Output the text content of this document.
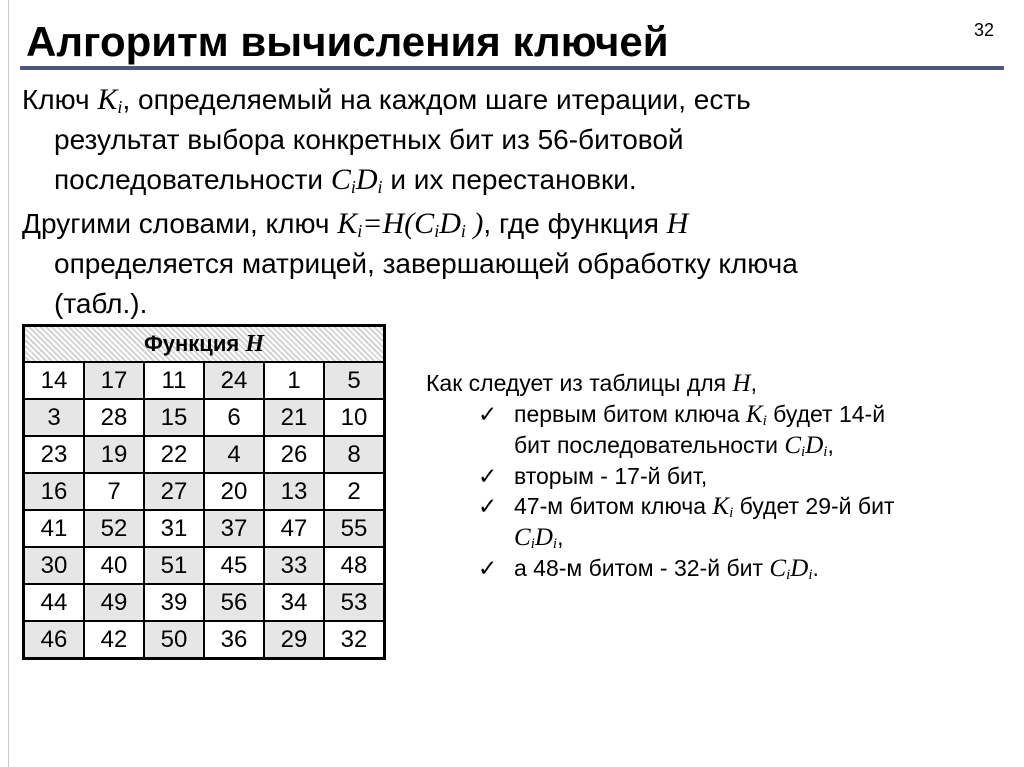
Алгоритм вычисления ключей	32
Ключ $K_i$, определяемый на каждом шаге итерации, есть
результат выбора конкретных бит из 56-битовой
последовательности $C_iD_i$ и их перестановки.
Другими словами, ключ $K_i=H(C_iD_i$ ), где функция H
определяется матрицей, завершающей обработку ключа
(табл.).
Функция H					
14	17	11	24	1	5
3	28	15	6	21	10
23	19	22	4	26	8
16	7	27	20	13	2
41	52	31	37	47	55
30	40	51	45	33	48
44	49	39	56	34	53
46	42	50	36	29	32
Как следует из таблицы для H,
✓ первым битом ключа $K_i$ будет 14-й
бит последовательности $C_iD_i$,
✓ вторым - 17-й бит,
✓ 47-м битом ключа $K_i$ будет 29-й бит
$C_iD_i$,
✓ а 48-м битом - 32-й бит $C_iD_i$.
